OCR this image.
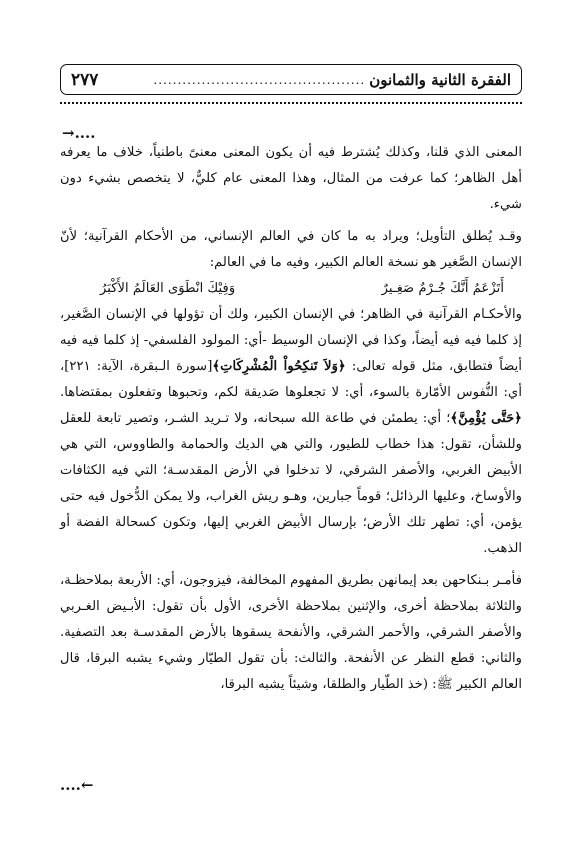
الفقرة الثانية والثمانون
............................................
٢٧٧
→....

المعنى الذي قلنا، وكذلك يُشترط فيه أن يكون المعنى معنىً باطنياً، خلاف ما يعرفه أهل الظاهر؛ كما عرفت من المثال، وهذا المعنى عام كليٌّ، لا يتخصص بشيء دون شيء.

وقـد يُطلق التأويل؛ ويراد به ما كان في العالم الإنساني، من الأحكام القرآنية؛ لأنّ الإنسان الصَّغير هو نسخة العالم الكبير، وفيه ما في العالم:

أَتَزْعَمُ أَنَّكَ جُـرْمٌ صَغِـيرٌ
وَفِيْكَ انْطَوَى العَالَمُ الأَكْبَرُ

والأحكـام القرآنية في الظاهر؛ في الإنسان الكبير، ولك أن تؤولها في الإنسان الصَّغير، إذ كلما فيه فيه أيضاً، وكذا في الإنسان الوسيط -أي: المولود الفلسفي- إذ كلما فيه فيه أيضاً فتطابق، مثل قوله تعالى: ﴿وَلاَ تَنكِحُواْ الْمُشْرِكَاتِ﴾[سورة الـبقرة، الآية: ٢٢١]، أي: النُّفوس الأمّارة بالسوء، أي: لا تجعلوها صَديقة لكم، وتحبوها وتفعلون بمقتضاها. ﴿حَتَّى يُؤْمِنَّ﴾؛ أي: يطمئن في طاعة الله سبحانه، ولا تـريد الشـر، وتصير تابعة للعقل وللشأن، تقول: هذا خطاب للطيور، والتي هي الديك والحمامة والطاووس، التي هي الأبيض الغربي، والأصفر الشرقي، لا تدخلوا في الأرض المقدسـة؛ التي فيه الكثافات والأوساخ، وعليها الرذائل؛ قوماً جبارين، وهـو ريش الغراب، ولا يمكن الدُّخول فيه حتى يؤمن، أي: تطهر تلك الأرض؛ بإرسال الأبيض الغربي إليها، وتكون كسحالة الفضة أو الذهب.

فأمـر بـنكاحهن بعد إيمانهن بطريق المفهوم المخالفة، فيزوجون، أي: الأربعة بملاحظـة، والثلاثة بملاحظة أخرى، والإثنين بملاحظة الأخرى، الأول بأن تقول: الأبـيض الغـربي والأصفر الشرقي، والأحمر الشرقي، والأنفحة يسقوها بالأرض المقدسـة بعد التصفية. والثاني: قطع النظر عن الأنفحة. والثالث: بأن تقول الطيّار وشيء يشبه البرقا، قال العالم الكبير ﷺ: (خذ الطّيار والطلقا، وشيئاً يشبه البرقا،

....←
